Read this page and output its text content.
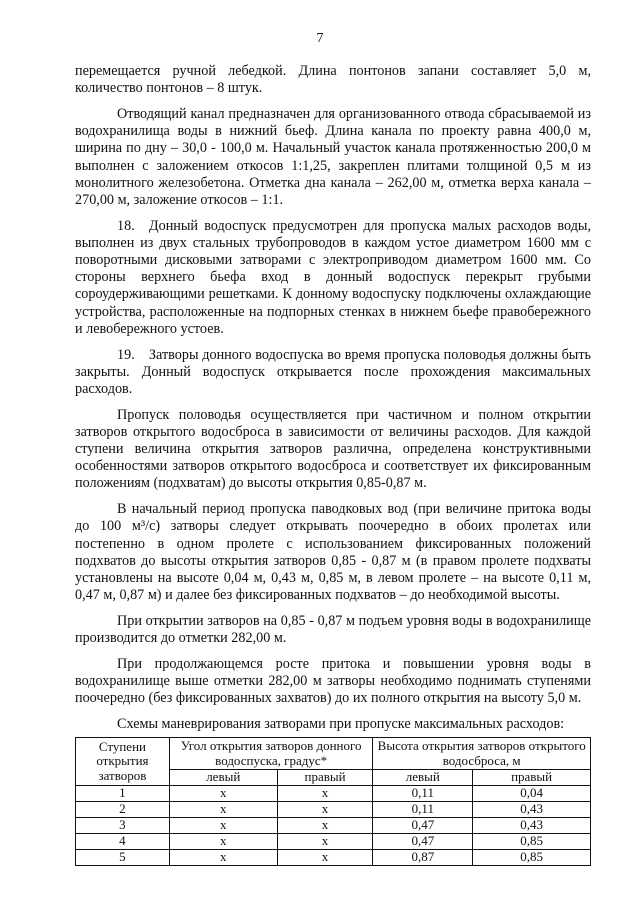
7

перемещается ручной лебедкой. Длина понтонов запани составляет 5,0 м, количество понтонов – 8 штук.

Отводящий канал предназначен для организованного отвода сбрасываемой из водохранилища воды в нижний бьеф. Длина канала по проекту равна 400,0 м, ширина по дну – 30,0 - 100,0 м. Начальный участок канала протяженностью 200,0 м выполнен с заложением откосов 1:1,25, закреплен плитами толщиной 0,5 м из монолитного железобетона. Отметка дна канала – 262,00 м, отметка верха канала – 270,00 м, заложение откосов – 1:1.

18. Донный водоспуск предусмотрен для пропуска малых расходов воды, выполнен из двух стальных трубопроводов в каждом устое диаметром 1600 мм с поворотными дисковыми затворами с электроприводом диаметром 1600 мм. Со стороны верхнего бьефа вход в донный водоспуск перекрыт грубыми сороудерживающими решетками. К донному водоспуску подключены охлаждающие устройства, расположенные на подпорных стенках в нижнем бьефе правобережного и левобережного устоев.

19. Затворы донного водоспуска во время пропуска половодья должны быть закрыты. Донный водоспуск открывается после прохождения максимальных расходов.

Пропуск половодья осуществляется при частичном и полном открытии затворов открытого водосброса в зависимости от величины расходов. Для каждой ступени величина открытия затворов различна, определена конструктивными особенностями затворов открытого водосброса и соответствует их фиксированным положениям (подхватам) до высоты открытия 0,85-0,87 м.

В начальный период пропуска паводковых вод (при величине притока воды до 100 м³/с) затворы следует открывать поочередно в обоих пролетах или постепенно в одном пролете с использованием фиксированных положений подхватов до высоты открытия затворов 0,85 - 0,87 м (в правом пролете подхваты установлены на высоте 0,04 м, 0,43 м, 0,85 м, в левом пролете – на высоте 0,11 м, 0,47 м, 0,87 м) и далее без фиксированных подхватов – до необходимой высоты.

При открытии затворов на 0,85 - 0,87 м подъем уровня воды в водохранилище производится до отметки 282,00 м.

При продолжающемся росте притока и повышении уровня воды в водохранилище выше отметки 282,00 м затворы необходимо поднимать ступенями поочередно (без фиксированных захватов) до их полного открытия на высоту 5,0 м.

Схемы маневрирования затворами при пропуске максимальных расходов:
Ступени открытия затворов	Угол открытия затворов донного водоспуска, градус*		Высота открытия затворов открытого водосброса, м	
	левый	правый	левый	правый
1	х	х	0,11	0,04
2	х	х	0,11	0,43
3	х	х	0,47	0,43
4	х	х	0,47	0,85
5	х	х	0,87	0,85
